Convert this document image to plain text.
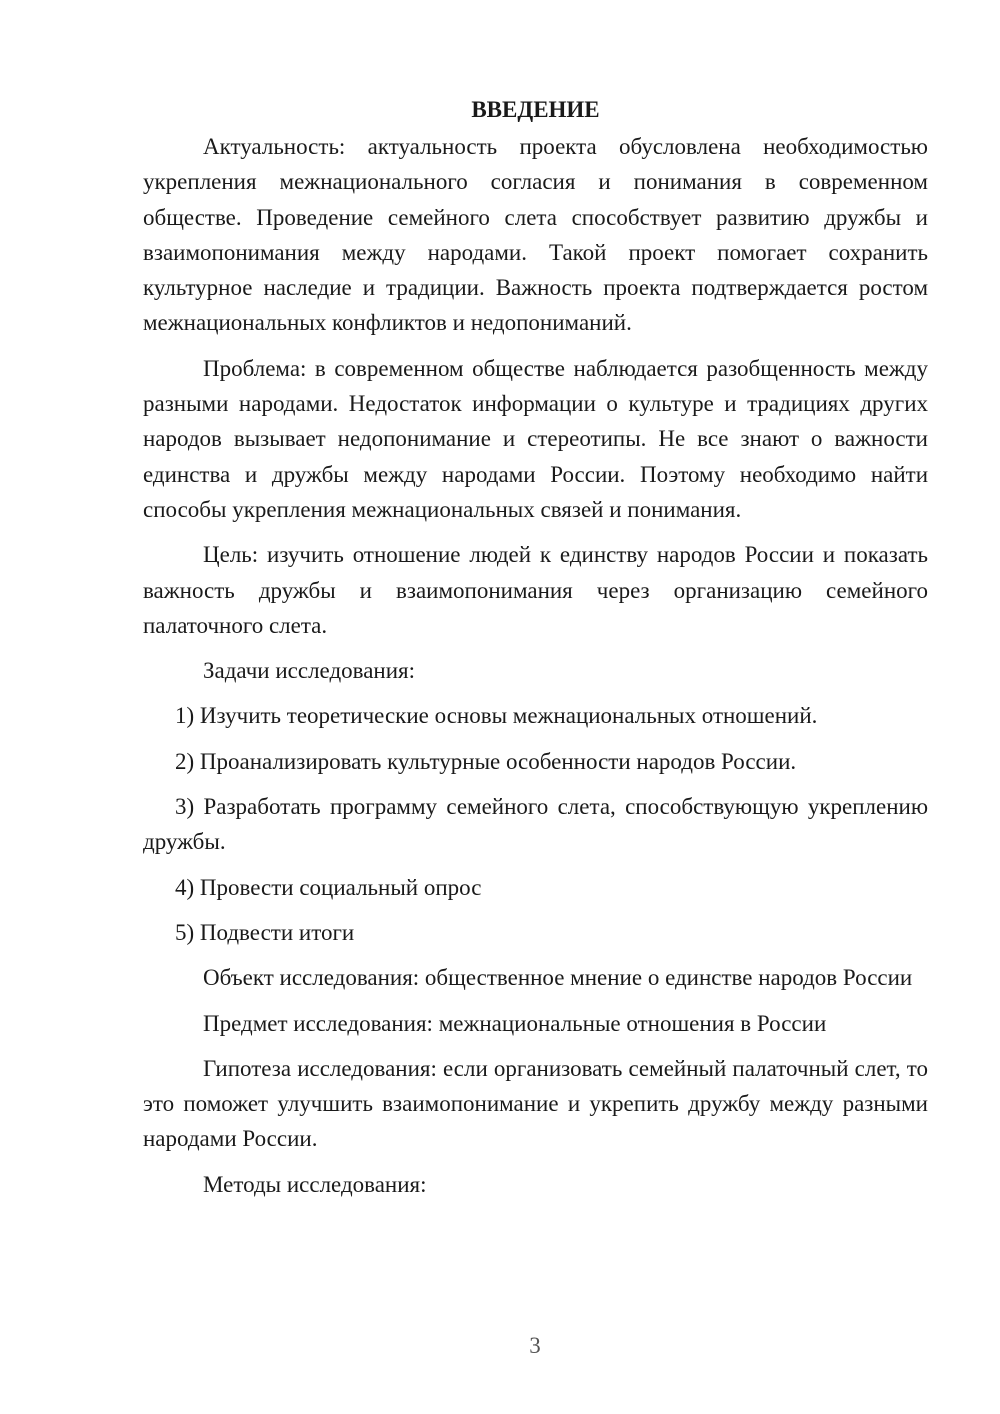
ВВЕДЕНИЕ

Актуальность: актуальность проекта обусловлена необходимостью укрепления межнационального согласия и понимания в современном обществе. Проведение семейного слета способствует развитию дружбы и взаимопонимания между народами. Такой проект помогает сохранить культурное наследие и традиции. Важность проекта подтверждается ростом межнациональных конфликтов и недопониманий.

Проблема: в современном обществе наблюдается разобщенность между разными народами. Недостаток информации о культуре и традициях других народов вызывает недопонимание и стереотипы. Не все знают о важности единства и дружбы между народами России. Поэтому необходимо найти способы укрепления межнациональных связей и понимания.

Цель: изучить отношение людей к единству народов России и показать важность дружбы и взаимопонимания через организацию семейного палаточного слета.

Задачи исследования:

1) Изучить теоретические основы межнациональных отношений.

2) Проанализировать культурные особенности народов России.

3) Разработать программу семейного слета, способствующую укреплению дружбы.

4) Провести социальный опрос

5) Подвести итоги

Объект исследования: общественное мнение о единстве народов России

Предмет исследования: межнациональные отношения в России

Гипотеза исследования: если организовать семейный палаточный слет, то это поможет улучшить взаимопонимание и укрепить дружбу между разными народами России.

Методы исследования:

3
